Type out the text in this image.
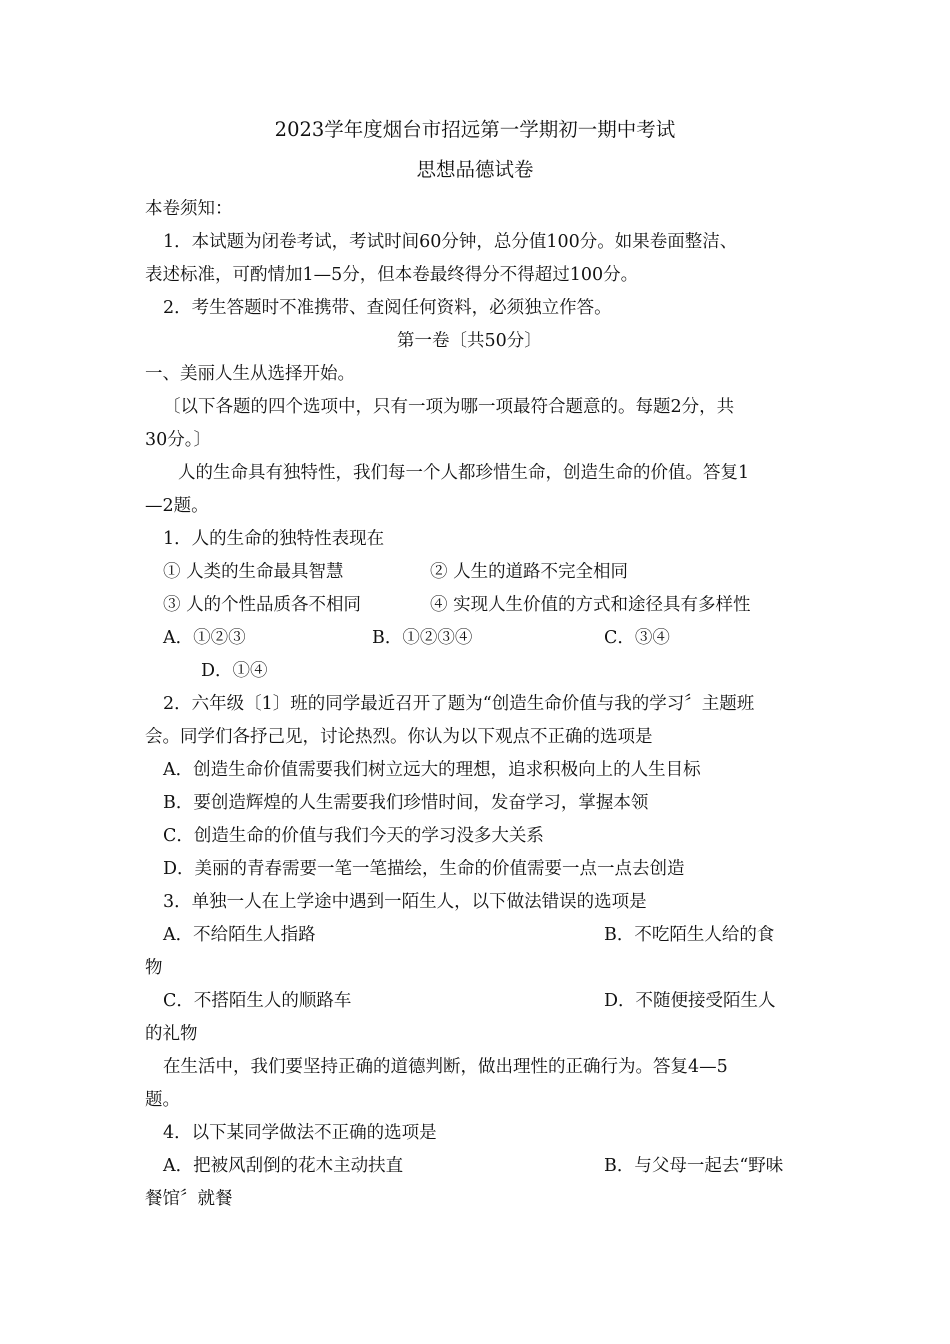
2023学年度烟台市招远第一学期初一期中考试
思想品德试卷
本卷须知：
1．本试题为闭卷考试，考试时间60分钟，总分值100分。如果卷面整洁、
表述标准，可酌情加1—5分，但本卷最终得分不得超过100分。
2．考生答题时不准携带、查阅任何资料，必须独立作答。
第一卷〔共50分〕
一、美丽人生从选择开始。
〔以下各题的四个选项中，只有一项为哪一项最符合题意的。每题2分，共
30分。〕
人的生命具有独特性，我们每一个人都珍惜生命，创造生命的价值。答复1
—2题。
1．人的生命的独特性表现在
① 人类的生命最具智慧	② 人生的道路不完全相同
③ 人的个性品质各不相同	④ 实现人生价值的方式和途径具有多样性
A．①②③	B．①②③④	C．③④
D．①④
2．六年级〔1〕班的同学最近召开了题为“创造生命价值与我的学习〞主题班
会。同学们各抒己见，讨论热烈。你认为以下观点不正确的选项是
A．创造生命价值需要我们树立远大的理想，追求积极向上的人生目标
B．要创造辉煌的人生需要我们珍惜时间，发奋学习，掌握本领
C．创造生命的价值与我们今天的学习没多大关系
D．美丽的青春需要一笔一笔描绘，生命的价值需要一点一点去创造
3．单独一人在上学途中遇到一陌生人，以下做法错误的选项是
A．不给陌生人指路	B．不吃陌生人给的食
物
C．不搭陌生人的顺路车	D．不随便接受陌生人
的礼物
在生活中，我们要坚持正确的道德判断，做出理性的正确行为。答复4—5
题。
4．以下某同学做法不正确的选项是
A．把被风刮倒的花木主动扶直	B．与父母一起去“野味
餐馆〞就餐
